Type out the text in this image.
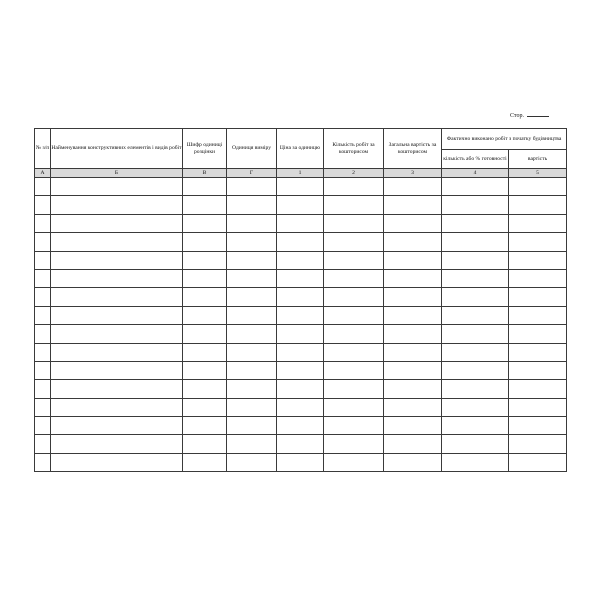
Стор.
№ з/п	Найменування конструктивних елементів і видів робіт	Шифр одиниці розцінки	Одиниця виміру	Ціна за одиницю	Кількість робіт за кошторисом	Загальна вартість за кошторисом	Фактично виконано робіт з початку будівництва	
							кількість або % готовності	вартість
А	Б	В	Г	1	2	3	4	5
